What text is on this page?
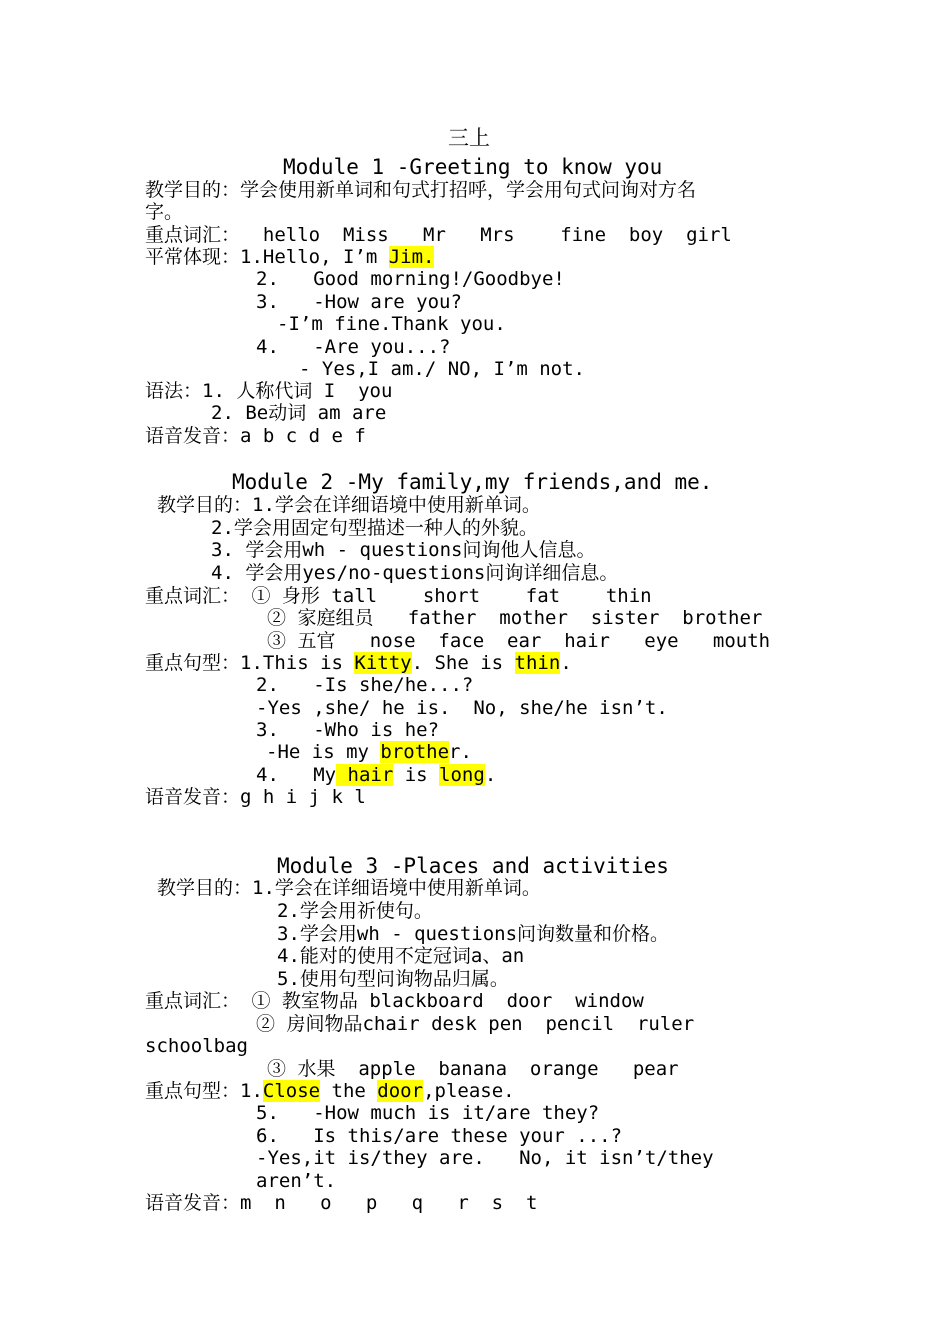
三上
Module 1 -Greeting to know you
教学目的：学会使用新单词和句式打招呼，学会用句式问询对方名
字。
重点词汇：  hello  Miss   Mr   Mrs    fine  boy  girl
平常体现：1.Hello, I’m Jim.
2.   Good morning!/Goodbye!
3.   -How are you?
-I’m fine.Thank you.
4.   -Are you...?
- Yes,I am./ NO, I’m not.
语法：1. 人称代词 I  you
2. Be动词 am are
语音发音：a b c d e f
Module 2 -My family,my friends,and me.
教学目的：1.学会在详细语境中使用新单词。
2.学会用固定句型描述一种人的外貌。
3. 学会用wh - questions问询他人信息。
4. 学会用yes/no-questions问询详细信息。
重点词汇： ① 身形 tall    short    fat    thin
② 家庭组员   father  mother  sister  brother
③ 五官   nose  face  ear  hair   eye   mouth
重点句型：1.This is Kitty. She is thin.
2.   -Is she/he...?
-Yes ,she/ he is.  No, she/he isn’t.
3.   -Who is he?
-He is my brother.
4.   My hair is long.
语音发音：g h i j k l
Module 3 -Places and activities
教学目的：1.学会在详细语境中使用新单词。
2.学会用祈使句。
3.学会用wh - questions问询数量和价格。
4.能对的使用不定冠词a、an
5.使用句型问询物品归属。
重点词汇： ① 教室物品 blackboard  door  window
② 房间物品chair desk pen  pencil  ruler
schoolbag
③ 水果  apple  banana  orange   pear
重点句型：1.Close the door,please.
5.   -How much is it/are they?
6.   Is this/are these your ...?
-Yes,it is/they are.   No, it isn’t/they
aren’t.
语音发音：m  n   o   p   q   r  s  t
